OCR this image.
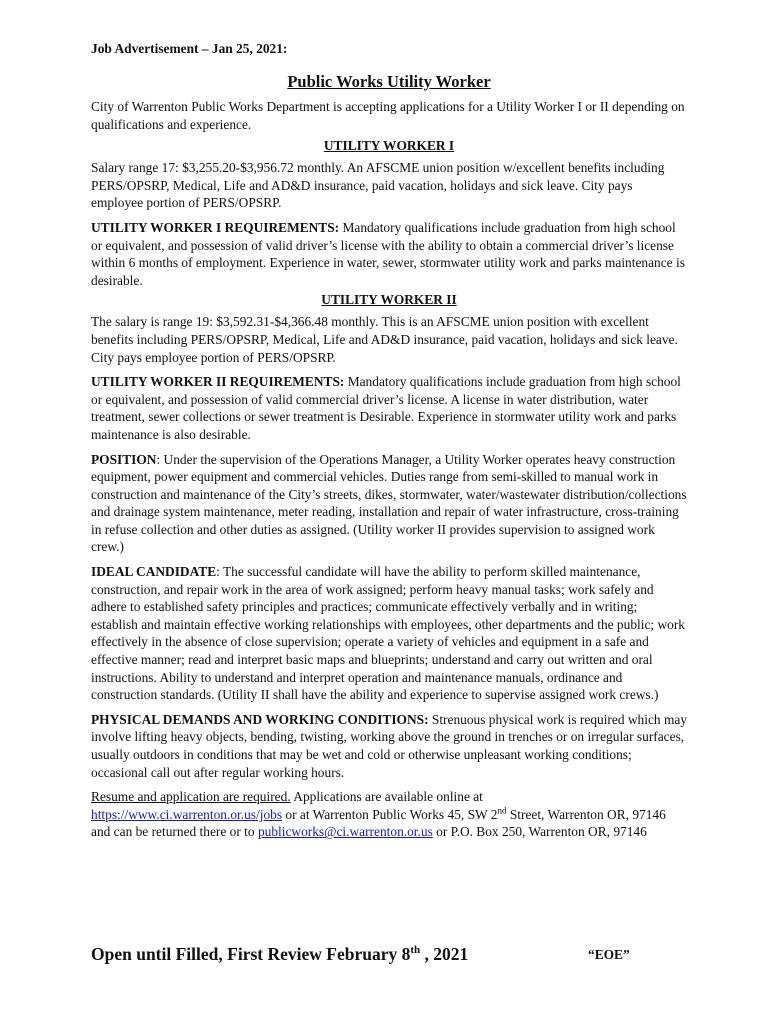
Job Advertisement – Jan 25, 2021:

Public Works Utility Worker

City of Warrenton Public Works Department is accepting applications for a Utility Worker I or II depending on qualifications and experience.

UTILITY WORKER I

Salary range 17: $3,255.20-$3,956.72 monthly. An AFSCME union position w/excellent benefits including PERS/OPSRP, Medical, Life and AD&D insurance, paid vacation, holidays and sick leave. City pays employee portion of PERS/OPSRP.

UTILITY WORKER I REQUIREMENTS: Mandatory qualifications include graduation from high school or equivalent, and possession of valid driver’s license with the ability to obtain a commercial driver’s license within 6 months of employment. Experience in water, sewer, stormwater utility work and parks maintenance is desirable.

UTILITY WORKER II

The salary is range 19: $3,592.31-$4,366.48 monthly. This is an AFSCME union position with excellent benefits including PERS/OPSRP, Medical, Life and AD&D insurance, paid vacation, holidays and sick leave. City pays employee portion of PERS/OPSRP.

UTILITY WORKER II REQUIREMENTS: Mandatory qualifications include graduation from high school or equivalent, and possession of valid commercial driver’s license. A license in water distribution, water treatment, sewer collections or sewer treatment is Desirable. Experience in stormwater utility work and parks maintenance is also desirable.

POSITION: Under the supervision of the Operations Manager, a Utility Worker operates heavy construction equipment, power equipment and commercial vehicles. Duties range from semi-skilled to manual work in construction and maintenance of the City’s streets, dikes, stormwater, water/wastewater distribution/collections and drainage system maintenance, meter reading, installation and repair of water infrastructure, cross-training in refuse collection and other duties as assigned. (Utility worker II provides supervision to assigned work crew.)

IDEAL CANDIDATE: The successful candidate will have the ability to perform skilled maintenance, construction, and repair work in the area of work assigned; perform heavy manual tasks; work safely and adhere to established safety principles and practices; communicate effectively verbally and in writing; establish and maintain effective working relationships with employees, other departments and the public; work effectively in the absence of close supervision; operate a variety of vehicles and equipment in a safe and effective manner; read and interpret basic maps and blueprints; understand and carry out written and oral instructions. Ability to understand and interpret operation and maintenance manuals, ordinance and construction standards. (Utility II shall have the ability and experience to supervise assigned work crews.)

PHYSICAL DEMANDS AND WORKING CONDITIONS: Strenuous physical work is required which may involve lifting heavy objects, bending, twisting, working above the ground in trenches or on irregular surfaces, usually outdoors in conditions that may be wet and cold or otherwise unpleasant working conditions; occasional call out after regular working hours.

Resume and application are required. Applications are available online at
https://www.ci.warrenton.or.us/jobs or at Warrenton Public Works 45, SW 2nd Street, Warrenton OR, 97146 and can be returned there or to publicworks@ci.warrenton.or.us or P.O. Box 250, Warrenton OR, 97146

Open until Filled, First Review February 8th , 2021	“EOE”
